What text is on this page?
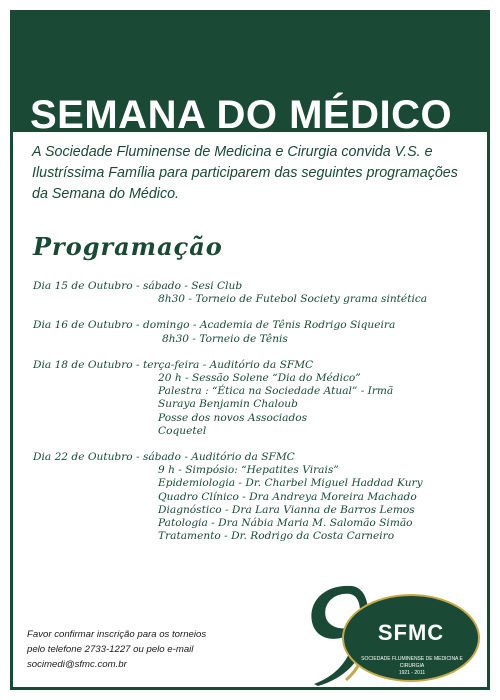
SEMANA DO MÉDICO

A Sociedade Fluminense de Medicina e Cirurgia convida V.S. e Ilustríssima Família para participarem das seguintes programações da Semana do Médico.

Programação
Dia 15 de Outubro - sábado - Sesi Club
8h30 - Torneio de Futebol Society grama sintética
Dia 16 de Outubro - domingo - Academia de Tênis Rodrigo Siqueira
8h30 - Torneio de Tênis
Dia 18 de Outubro - terça-feira - Auditório da SFMC
20 h - Sessão Solene “Dia do Médico”
Palestra : “Ética na Sociedade Atual” - Irmã
Suraya Benjamin Chaloub
Posse dos novos Associados
Coquetel
Dia 22 de Outubro - sábado - Auditório da SFMC
9 h - Simpósio: “Hepatites Virais”
Epidemiologia - Dr. Charbel Miguel Haddad Kury
Quadro Clínico - Dra Andreya Moreira Machado
Diagnóstico - Dra Lara Vianna de Barros Lemos
Patologia - Dra Nábia Maria M. Salomão Simão
Tratamento - Dr. Rodrigo da Costa Carneiro
Favor confirmar inscrição para os torneios
pelo telefone 2733-1227 ou pelo e-mail
socimedi@sfmc.com.br
SFMC
SOCIEDADE FLUMINENSE DE MEDICINA E CIRURGIA
1921 - 2011
